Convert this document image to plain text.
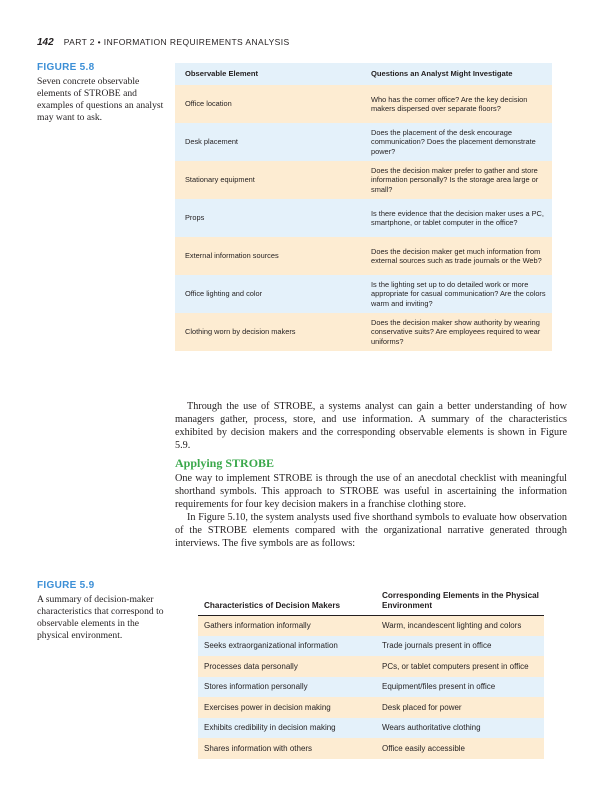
142 PART 2 • INFORMATION REQUIREMENTS ANALYSIS
FIGURE 5.8
Seven concrete observable elements of STROBE and examples of questions an analyst may want to ask.
Observable Element	Questions an Analyst Might Investigate
Office location	Who has the corner office? Are the key decision makers dispersed over separate floors?
Desk placement	Does the placement of the desk encourage communication? Does the placement demonstrate power?
Stationary equipment	Does the decision maker prefer to gather and store information personally? Is the storage area large or small?
Props	Is there evidence that the decision maker uses a PC, smartphone, or tablet computer in the office?
External information sources	Does the decision maker get much information from external sources such as trade journals or the Web?
Office lighting and color	Is the lighting set up to do detailed work or more appropriate for casual communication? Are the colors warm and inviting?
Clothing worn by decision makers	Does the decision maker show authority by wearing conservative suits? Are employees required to wear uniforms?

Through the use of STROBE, a systems analyst can gain a better understanding of how managers gather, process, store, and use information. A summary of the characteristics exhibited by decision makers and the corresponding observable elements is shown in Figure 5.9.

Applying STROBE

One way to implement STROBE is through the use of an anecdotal checklist with meaningful shorthand symbols. This approach to STROBE was useful in ascertaining the information requirements for four key decision makers in a franchise clothing store.

In Figure 5.10, the system analysts used five shorthand symbols to evaluate how observation of the STROBE elements compared with the organizational narrative generated through interviews. The five symbols are as follows:

FIGURE 5.9
A summary of decision-maker characteristics that correspond to observable elements in the physical environment.
Characteristics of Decision Makers	Corresponding Elements in the Physical Environment
Gathers information informally	Warm, incandescent lighting and colors
Seeks extraorganizational information	Trade journals present in office
Processes data personally	PCs, or tablet computers present in office
Stores information personally	Equipment/files present in office
Exercises power in decision making	Desk placed for power
Exhibits credibility in decision making	Wears authoritative clothing
Shares information with others	Office easily accessible
